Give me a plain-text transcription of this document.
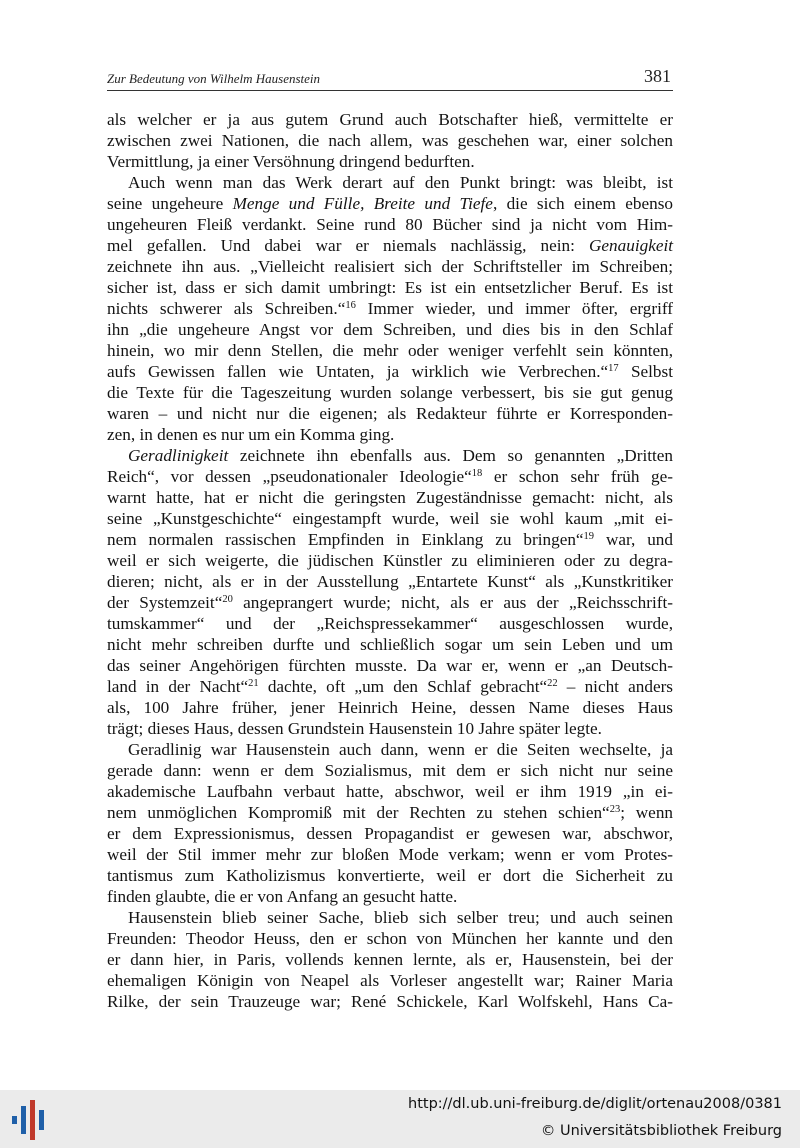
Zur Bedeutung von Wilhelm Hausenstein	381
als welcher er ja aus gutem Grund auch Botschafter hieß, vermittelte er
zwischen zwei Nationen, die nach allem, was geschehen war, einer solchen
Vermittlung, ja einer Versöhnung dringend bedurften.
Auch wenn man das Werk derart auf den Punkt bringt: was bleibt, ist
seine ungeheure Menge und Fülle, Breite und Tiefe, die sich einem ebenso
ungeheuren Fleiß verdankt. Seine rund 80 Bücher sind ja nicht vom Him-
mel gefallen. Und dabei war er niemals nachlässig, nein: Genauigkeit
zeichnete ihn aus. „Vielleicht realisiert sich der Schriftsteller im Schreiben;
sicher ist, dass er sich damit umbringt: Es ist ein entsetzlicher Beruf. Es ist
nichts schwerer als Schreiben.“$^{16}$ Immer wieder, und immer öfter, ergriff
ihn „die ungeheure Angst vor dem Schreiben, und dies bis in den Schlaf
hinein, wo mir denn Stellen, die mehr oder weniger verfehlt sein könnten,
aufs Gewissen fallen wie Untaten, ja wirklich wie Verbrechen.“$^{17}$ Selbst
die Texte für die Tageszeitung wurden solange verbessert, bis sie gut genug
waren – und nicht nur die eigenen; als Redakteur führte er Korresponden-
zen, in denen es nur um ein Komma ging.
Geradlinigkeit zeichnete ihn ebenfalls aus. Dem so genannten „Dritten
Reich“, vor dessen „pseudonationaler Ideologie“$^{18}$ er schon sehr früh ge-
warnt hatte, hat er nicht die geringsten Zugeständnisse gemacht: nicht, als
seine „Kunstgeschichte“ eingestampft wurde, weil sie wohl kaum „mit ei-
nem normalen rassischen Empfinden in Einklang zu bringen“$^{19}$ war, und
weil er sich weigerte, die jüdischen Künstler zu eliminieren oder zu degra-
dieren; nicht, als er in der Ausstellung „Entartete Kunst“ als „Kunstkritiker
der Systemzeit“$^{20}$ angeprangert wurde; nicht, als er aus der „Reichsschrift-
tumskammer“ und der „Reichspressekammer“ ausgeschlossen wurde,
nicht mehr schreiben durfte und schließlich sogar um sein Leben und um
das seiner Angehörigen fürchten musste. Da war er, wenn er „an Deutsch-
land in der Nacht“$^{21}$ dachte, oft „um den Schlaf gebracht“$^{22}$ – nicht anders
als, 100 Jahre früher, jener Heinrich Heine, dessen Name dieses Haus
trägt; dieses Haus, dessen Grundstein Hausenstein 10 Jahre später legte.
Geradlinig war Hausenstein auch dann, wenn er die Seiten wechselte, ja
gerade dann: wenn er dem Sozialismus, mit dem er sich nicht nur seine
akademische Laufbahn verbaut hatte, abschwor, weil er ihm 1919 „in ei-
nem unmöglichen Kompromiß mit der Rechten zu stehen schien“$^{23}$; wenn
er dem Expressionismus, dessen Propagandist er gewesen war, abschwor,
weil der Stil immer mehr zur bloßen Mode verkam; wenn er vom Protes-
tantismus zum Katholizismus konvertierte, weil er dort die Sicherheit zu
finden glaubte, die er von Anfang an gesucht hatte.
Hausenstein blieb seiner Sache, blieb sich selber treu; und auch seinen
Freunden: Theodor Heuss, den er schon von München her kannte und den
er dann hier, in Paris, vollends kennen lernte, als er, Hausenstein, bei der
ehemaligen Königin von Neapel als Vorleser angestellt war; Rainer Maria
Rilke, der sein Trauzeuge war; René Schickele, Karl Wolfskehl, Hans Ca-
http://dl.ub.uni-freiburg.de/diglit/ortenau2008/0381
© Universitätsbibliothek Freiburg
